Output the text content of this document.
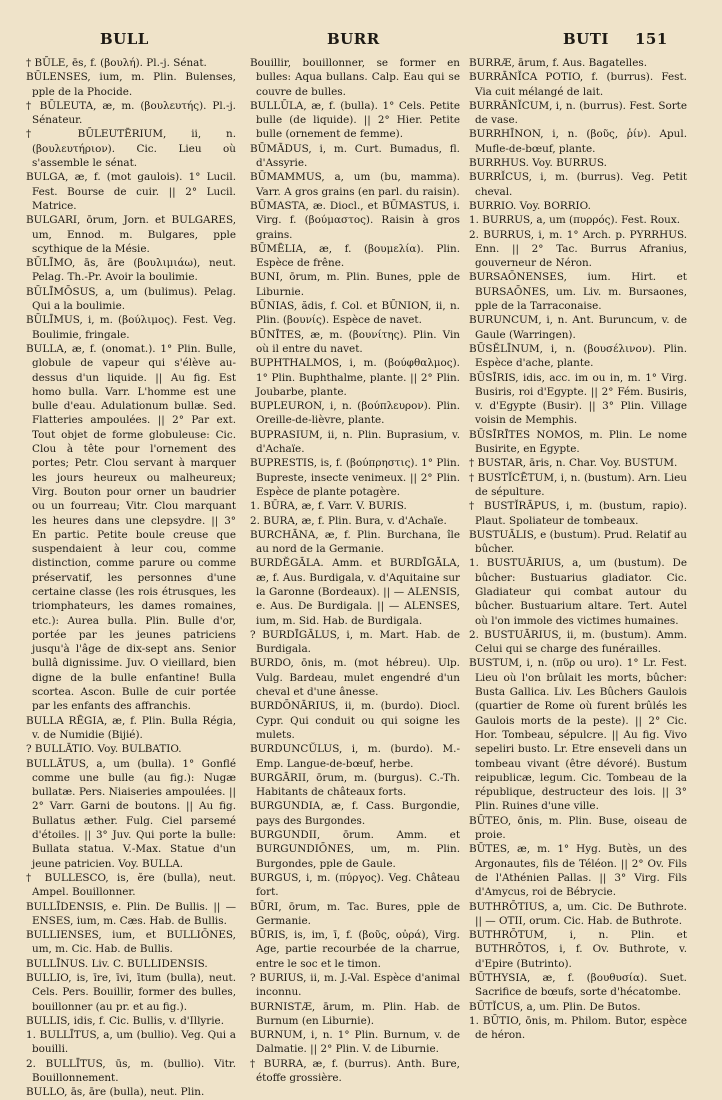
BULL	BURR	BUTI 151

† BŪLE, ēs, f. (βουλή). Pl.-j. Sénat.

BŪLENSES, ium, m. Plin. Bulenses, pple de la Phocide.

† BŪLEUTA, æ, m. (βουλευτής). Pl.-j. Sénateur.

† BŪLEUTĒRIUM, ii, n. (βουλευτήριον). Cic. Lieu où s'assemble le sénat.

BULGA, æ, f. (mot gaulois). 1° Lucil. Fest. Bourse de cuir. || 2° Lucil. Matrice.

BULGARI, ōrum, Jorn. et BULGARES, um, Ennod. m. Bulgares, pple scythique de la Mésie.

BŪLĪMO, ās, āre (βουλιμιάω), neut. Pelag. Th.-Pr. Avoir la boulimie.

BŪLĪMŌSUS, a, um (bulimus). Pelag. Qui a la boulimie.

BŪLĪMUS, i, m. (βούλιμος). Fest. Veg. Boulimie, fringale.

BULLA, æ, f. (onomat.). 1° Plin. Bulle, globule de vapeur qui s'élève au-dessus d'un liquide. || Au fig. Est homo bulla. Varr. L'homme est une bulle d'eau. Adulationum bullæ. Sed. Flatteries ampoulées. || 2° Par ext. Tout objet de forme globuleuse: Cic. Clou à tête pour l'ornement des portes; Petr. Clou servant à marquer les jours heureux ou malheureux; Virg. Bouton pour orner un baudrier ou un fourreau; Vitr. Clou marquant les heures dans une clepsydre. || 3° En partic. Petite boule creuse que suspendaient à leur cou, comme distinction, comme parure ou comme préservatif, les personnes d'une certaine classe (les rois étrusques, les triomphateurs, les dames romaines, etc.): Aurea bulla. Plin. Bulle d'or, portée par les jeunes patriciens jusqu'à l'âge de dix-sept ans. Senior bullâ dignissime. Juv. O vieillard, bien digne de la bulle enfantine! Bulla scortea. Ascon. Bulle de cuir portée par les enfants des affranchis.

BULLA RĒGIA, æ, f. Plin. Bulla Régia, v. de Numidie (Bijié).

? BULLĀTIO. Voy. BULBATIO.

BULLĀTUS, a, um (bulla). 1° Gonflé comme une bulle (au fig.): Nugæ bullatæ. Pers. Niaiseries ampoulées. || 2° Varr. Garni de boutons. || Au fig. Bullatus æther. Fulg. Ciel parsemé d'étoiles. || 3° Juv. Qui porte la bulle: Bullata statua. V.-Max. Statue d'un jeune patricien. Voy. BULLA.

† BULLESCO, is, ĕre (bulla), neut. Ampel. Bouillonner.

BULLĪDENSIS, e. Plin. De Bullis. || — ENSES, ium, m. Cæs. Hab. de Bullis.

BULLIENSES, ium, et BULLIŌNES, um, m. Cic. Hab. de Bullis.

BULLĪNUS. Liv. C. BULLIDENSIS.

BULLIO, is, īre, īvi, ītum (bulla), neut. Cels. Pers. Bouillir, former des bulles, bouillonner (au pr. et au fig.).

BULLIS, idis, f. Cic. Bullis, v. d'Illyrie.

1. BULLĪTUS, a, um (bullio). Veg. Qui a bouilli.

2. BULLĪTUS, ūs, m. (bullio). Vitr. Bouillonnement.

BULLO, ās, āre (bulla), neut. Plin.

Bouillir, bouillonner, se former en bulles: Aqua bullans. Calp. Eau qui se couvre de bulles.

BULLŪLA, æ, f. (bulla). 1° Cels. Petite bulle (de liquide). || 2° Hier. Petite bulle (ornement de femme).

BŪMĀDUS, i, m. Curt. Bumadus, fl. d'Assyrie.

BŪMAMMUS, a, um (bu, mamma). Varr. A gros grains (en parl. du raisin).

BŪMASTA, æ. Diocl., et BŪMASTUS, i. Virg. f. (βούμαστος). Raisin à gros grains.

BŪMĒLIA, æ, f. (βουμελία). Plin. Espèce de frêne.

BUNI, ōrum, m. Plin. Bunes, pple de Liburnie.

BŪNIAS, ădis, f. Col. et BŪNION, ii, n. Plin. (βουνίς). Espèce de navet.

BŪNĪTES, æ, m. (βουνίτης). Plin. Vin où il entre du navet.

BUPHTHALMOS, i, m. (βούφθαλμος). 1° Plin. Buphthalme, plante. || 2° Plin. Joubarbe, plante.

BUPLEURON, i, n. (βούπλευρον). Plin. Oreille-de-lièvre, plante.

BUPRASIUM, ii, n. Plin. Buprasium, v. d'Achaïe.

BUPRESTIS, is, f. (βούπρηστις). 1° Plin. Bupreste, insecte venimeux. || 2° Plin. Espèce de plante potagère.

1. BŪRA, æ, f. Varr. V. BURIS.

2. BURA, æ, f. Plin. Bura, v. d'Achaïe.

BURCHĀNA, æ, f. Plin. Burchana, île au nord de la Germanie.

BURDĔGĀLA. Amm. et BURDĪGĀLA, æ, f. Aus. Burdigala, v. d'Aquitaine sur la Garonne (Bordeaux). || — ALENSIS, e. Aus. De Burdigala. || — ALENSES, ium, m. Sid. Hab. de Burdigala.

? BURDĪGĀLUS, i, m. Mart. Hab. de Burdigala.

BURDO, ōnis, m. (mot hébreu). Ulp. Vulg. Bardeau, mulet engendré d'un cheval et d'une ânesse.

BURDŌNĀRIUS, ii, m. (burdo). Diocl. Cypr. Qui conduit ou qui soigne les mulets.

BURDUNCŬLUS, i, m. (burdo). M.-Emp. Langue-de-bœuf, herbe.

BURGĀRII, ōrum, m. (burgus). C.-Th. Habitants de châteaux forts.

BURGUNDIA, æ, f. Cass. Burgondie, pays des Burgondes.

BURGUNDII, ōrum. Amm. et BURGUNDIŌNES, um, m. Plin. Burgondes, pple de Gaule.

BURGUS, i, m. (πύργος). Veg. Château fort.

BŪRI, ōrum, m. Tac. Bures, pple de Germanie.

BŪRIS, is, im, ī, f. (βοῦς, οὐρά), Virg. Age, partie recourbée de la charrue, entre le soc et le timon.

? BURIUS, ii, m. J.-Val. Espèce d'animal inconnu.

BURNISTÆ, ārum, m. Plin. Hab. de Burnum (en Liburnie).

BURNUM, i, n. 1° Plin. Burnum, v. de Dalmatie. || 2° Plin. V. de Liburnie.

† BURRA, æ, f. (burrus). Anth. Bure, étoffe grossière.

BURRÆ, ārum, f. Aus. Bagatelles.

BURRĀNĬCA POTIO, f. (burrus). Fest. Via cuit mélangé de lait.

BURRĀNĬCUM, i, n. (burrus). Fest. Sorte de vase.

BURRHĪNON, i, n. (βοῦς, ῥίν). Apul. Mufle-de-bœuf, plante.

BURRHUS. Voy. BURRUS.

BURRĬCUS, i, m. (burrus). Veg. Petit cheval.

BURRIO. Voy. BORRIO.

1. BURRUS, a, um (πυρρός). Fest. Roux.

2. BURRUS, i, m. 1° Arch. p. PYRRHUS. Enn. || 2° Tac. Burrus Afranius, gouverneur de Néron.

BURSAŌNENSES, ium. Hirt. et BURSAŌNES, um. Liv. m. Bursaones, pple de la Tarraconaise.

BURUNCUM, i, n. Ant. Buruncum, v. de Gaule (Warringen).

BŪSĔLĪNUM, i, n. (βουσέλινον). Plin. Espèce d'ache, plante.

BŪSĪRIS, idis, acc. im ou in, m. 1° Virg. Busiris, roi d'Egypte. || 2° Fém. Busiris, v. d'Egypte (Busir). || 3° Plin. Village voisin de Memphis.

BŪSĪRĪTES NOMOS, m. Plin. Le nome Busirite, en Egypte.

† BUSTAR, āris, n. Char. Voy. BUSTUM.

† BUSTĬCĒTUM, i, n. (bustum). Arn. Lieu de sépulture.

† BUSTĬRĀPUS, i, m. (bustum, rapio). Plaut. Spoliateur de tombeaux.

BUSTUĀLIS, e (bustum). Prud. Relatif au bûcher.

1. BUSTUĀRIUS, a, um (bustum). De bûcher: Bustuarius gladiator. Cic. Gladiateur qui combat autour du bûcher. Bustuarium altare. Tert. Autel où l'on immole des victimes humaines.

2. BUSTUĀRIUS, ii, m. (bustum). Amm. Celui qui se charge des funérailles.

BUSTUM, i, n. (πῦρ ou uro). 1° Lr. Fest. Lieu où l'on brûlait les morts, bûcher: Busta Gallica. Liv. Les Bûchers Gaulois (quartier de Rome où furent brûlés les Gaulois morts de la peste). || 2° Cic. Hor. Tombeau, sépulcre. || Au fig. Vivo sepeliri busto. Lr. Etre enseveli dans un tombeau vivant (être dévoré). Bustum reipublicæ, legum. Cic. Tombeau de la république, destructeur des lois. || 3° Plin. Ruines d'une ville.

BŪTEO, ōnis, m. Plin. Buse, oiseau de proie.

BŪTES, æ, m. 1° Hyg. Butès, un des Argonautes, fils de Téléon. || 2° Ov. Fils de l'Athénien Pallas. || 3° Virg. Fils d'Amycus, roi de Bébrycie.

BUTHRŌTIUS, a, um. Cic. De Buthrote. || — OTII, orum. Cic. Hab. de Buthrote.

BUTHRŌTUM, i, n. Plin. et BUTHRŌTOS, i, f. Ov. Buthrote, v. d'Epire (Butrinto).

BŪTHYSIA, æ, f. (βουθυσία). Suet. Sacrifice de bœufs, sorte d'hécatombe.

BŪTĬCUS, a, um. Plin. De Butos.

1. BŪTIO, ōnis, m. Philom. Butor, espèce de héron.
